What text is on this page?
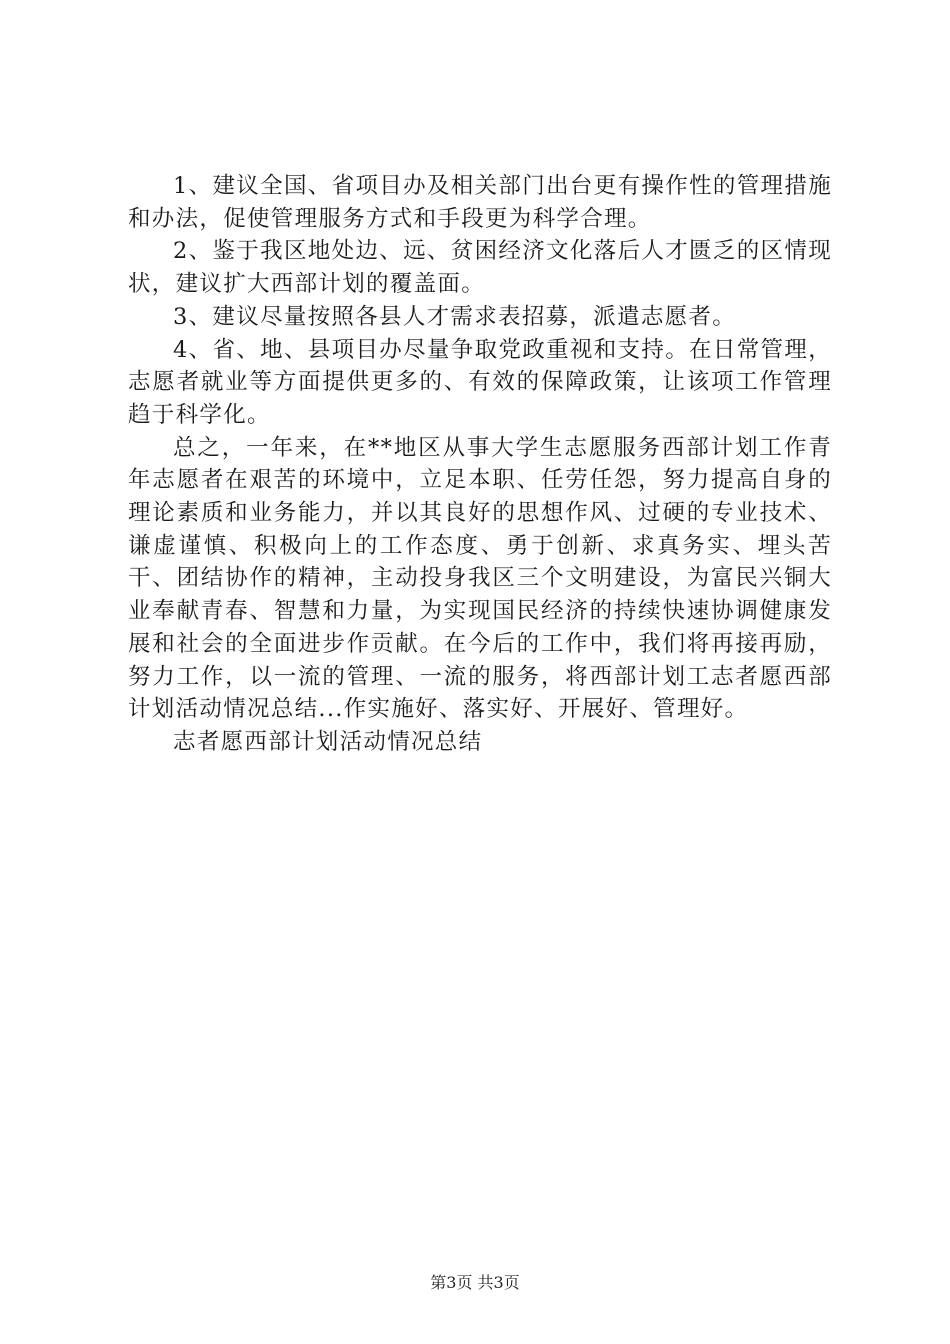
1、建议全国、省项目办及相关部门出台更有操作性的管理措施和办法，促使管理服务方式和手段更为科学合理。

2、鉴于我区地处边、远、贫困经济文化落后人才匮乏的区情现状，建议扩大西部计划的覆盖面。

3、建议尽量按照各县人才需求表招募，派遣志愿者。

4、省、地、县项目办尽量争取党政重视和支持。在日常管理，志愿者就业等方面提供更多的、有效的保障政策，让该项工作管理趋于科学化。

总之，一年来，在**地区从事大学生志愿服务西部计划工作青年志愿者在艰苦的环境中，立足本职、任劳任怨，努力提高自身的理论素质和业务能力，并以其良好的思想作风、过硬的专业技术、谦虚谨慎、积极向上的工作态度、勇于创新、求真务实、埋头苦干、团结协作的精神，主动投身我区三个文明建设，为富民兴铜大业奉献青春、智慧和力量，为实现国民经济的持续快速协调健康发展和社会的全面进步作贡献。在今后的工作中，我们将再接再励，努力工作，以一流的管理、一流的服务，将西部计划工志者愿西部计划活动情况总结...作实施好、落实好、开展好、管理好。

志者愿西部计划活动情况总结

第3页 共3页
